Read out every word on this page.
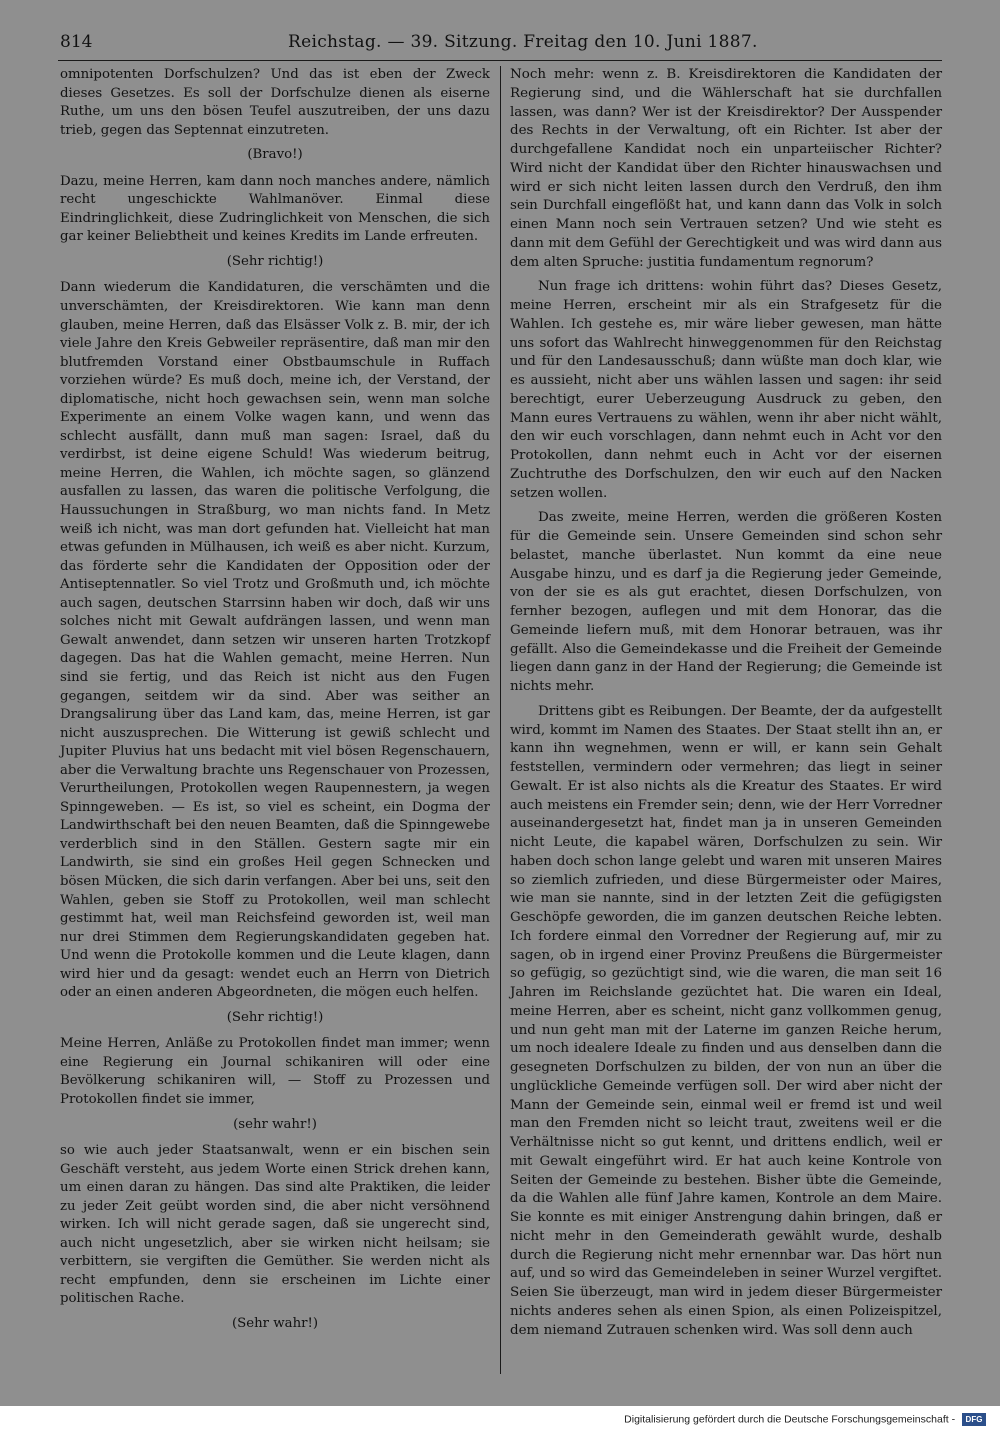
814	Reichstag. — 39. Sitzung. Freitag den 10. Juni 1887.

omnipotenten Dorfschulzen? Und das ist eben der Zweck dieses Gesetzes. Es soll der Dorfschulze dienen als eiserne Ruthe, um uns den bösen Teufel auszutreiben, der uns dazu trieb, gegen das Septennat einzutreten.

(Bravo!)

Dazu, meine Herren, kam dann noch manches andere, nämlich recht ungeschickte Wahlmanöver. Einmal diese Eindringlichkeit, diese Zudringlichkeit von Menschen, die sich gar keiner Beliebtheit und keines Kredits im Lande erfreuten.

(Sehr richtig!)

Dann wiederum die Kandidaturen, die verschämten und die unverschämten, der Kreisdirektoren. Wie kann man denn glauben, meine Herren, daß das Elsässer Volk z. B. mir, der ich viele Jahre den Kreis Gebweiler repräsentire, daß man mir den blutfremden Vorstand einer Obstbaumschule in Ruffach vorziehen würde? Es muß doch, meine ich, der Verstand, der diplomatische, nicht hoch gewachsen sein, wenn man solche Experimente an einem Volke wagen kann, und wenn das schlecht ausfällt, dann muß man sagen: Israel, daß du verdirbst, ist deine eigene Schuld! Was wiederum beitrug, meine Herren, die Wahlen, ich möchte sagen, so glänzend ausfallen zu lassen, das waren die politische Verfolgung, die Haussuchungen in Straßburg, wo man nichts fand. In Metz weiß ich nicht, was man dort gefunden hat. Vielleicht hat man etwas gefunden in Mülhausen, ich weiß es aber nicht. Kurzum, das förderte sehr die Kandidaten der Opposition oder der Antiseptennatler. So viel Trotz und Großmuth und, ich möchte auch sagen, deutschen Starrsinn haben wir doch, daß wir uns solches nicht mit Gewalt aufdrängen lassen, und wenn man Gewalt anwendet, dann setzen wir unseren harten Trotzkopf dagegen. Das hat die Wahlen gemacht, meine Herren. Nun sind sie fertig, und das Reich ist nicht aus den Fugen gegangen, seitdem wir da sind. Aber was seither an Drangsalirung über das Land kam, das, meine Herren, ist gar nicht auszusprechen. Die Witterung ist gewiß schlecht und Jupiter Pluvius hat uns bedacht mit viel bösen Regenschauern, aber die Verwaltung brachte uns Regenschauer von Prozessen, Verurtheilungen, Protokollen wegen Raupennestern, ja wegen Spinngeweben. — Es ist, so viel es scheint, ein Dogma der Landwirthschaft bei den neuen Beamten, daß die Spinngewebe verderblich sind in den Ställen. Gestern sagte mir ein Landwirth, sie sind ein großes Heil gegen Schnecken und bösen Mücken, die sich darin verfangen. Aber bei uns, seit den Wahlen, geben sie Stoff zu Protokollen, weil man schlecht gestimmt hat, weil man Reichsfeind geworden ist, weil man nur drei Stimmen dem Regierungskandidaten gegeben hat. Und wenn die Protokolle kommen und die Leute klagen, dann wird hier und da gesagt: wendet euch an Herrn von Dietrich oder an einen anderen Abgeordneten, die mögen euch helfen.

(Sehr richtig!)

Meine Herren, Anläße zu Protokollen findet man immer; wenn eine Regierung ein Journal schikaniren will oder eine Bevölkerung schikaniren will, — Stoff zu Prozessen und Protokollen findet sie immer,

(sehr wahr!)

so wie auch jeder Staatsanwalt, wenn er ein bischen sein Geschäft versteht, aus jedem Worte einen Strick drehen kann, um einen daran zu hängen. Das sind alte Praktiken, die leider zu jeder Zeit geübt worden sind, die aber nicht versöhnend wirken. Ich will nicht gerade sagen, daß sie ungerecht sind, auch nicht ungesetzlich, aber sie wirken nicht heilsam; sie verbittern, sie vergiften die Gemüther. Sie werden nicht als recht empfunden, denn sie erscheinen im Lichte einer politischen Rache.

(Sehr wahr!)

Noch mehr: wenn z. B. Kreisdirektoren die Kandidaten der Regierung sind, und die Wählerschaft hat sie durchfallen lassen, was dann? Wer ist der Kreisdirektor? Der Ausspender des Rechts in der Verwaltung, oft ein Richter. Ist aber der durchgefallene Kandidat noch ein unparteiischer Richter? Wird nicht der Kandidat über den Richter hinauswachsen und wird er sich nicht leiten lassen durch den Verdruß, den ihm sein Durchfall eingeflößt hat, und kann dann das Volk in solch einen Mann noch sein Vertrauen setzen? Und wie steht es dann mit dem Gefühl der Gerechtigkeit und was wird dann aus dem alten Spruche: justitia fundamentum regnorum?

Nun frage ich drittens: wohin führt das? Dieses Gesetz, meine Herren, erscheint mir als ein Strafgesetz für die Wahlen. Ich gestehe es, mir wäre lieber gewesen, man hätte uns sofort das Wahlrecht hinweggenommen für den Reichstag und für den Landesausschuß; dann wüßte man doch klar, wie es aussieht, nicht aber uns wählen lassen und sagen: ihr seid berechtigt, eurer Ueberzeugung Ausdruck zu geben, den Mann eures Vertrauens zu wählen, wenn ihr aber nicht wählt, den wir euch vorschlagen, dann nehmt euch in Acht vor den Protokollen, dann nehmt euch in Acht vor der eisernen Zuchtruthe des Dorfschulzen, den wir euch auf den Nacken setzen wollen.

Das zweite, meine Herren, werden die größeren Kosten für die Gemeinde sein. Unsere Gemeinden sind schon sehr belastet, manche überlastet. Nun kommt da eine neue Ausgabe hinzu, und es darf ja die Regierung jeder Gemeinde, von der sie es als gut erachtet, diesen Dorfschulzen, von fernher bezogen, auflegen und mit dem Honorar, das die Gemeinde liefern muß, mit dem Honorar betrauen, was ihr gefällt. Also die Gemeindekasse und die Freiheit der Gemeinde liegen dann ganz in der Hand der Regierung; die Gemeinde ist nichts mehr.

Drittens gibt es Reibungen. Der Beamte, der da aufgestellt wird, kommt im Namen des Staates. Der Staat stellt ihn an, er kann ihn wegnehmen, wenn er will, er kann sein Gehalt feststellen, vermindern oder vermehren; das liegt in seiner Gewalt. Er ist also nichts als die Kreatur des Staates. Er wird auch meistens ein Fremder sein; denn, wie der Herr Vorredner auseinandergesetzt hat, findet man ja in unseren Gemeinden nicht Leute, die kapabel wären, Dorfschulzen zu sein. Wir haben doch schon lange gelebt und waren mit unseren Maires so ziemlich zufrieden, und diese Bürgermeister oder Maires, wie man sie nannte, sind in der letzten Zeit die gefügigsten Geschöpfe geworden, die im ganzen deutschen Reiche lebten. Ich fordere einmal den Vorredner der Regierung auf, mir zu sagen, ob in irgend einer Provinz Preußens die Bürgermeister so gefügig, so gezüchtigt sind, wie die waren, die man seit 16 Jahren im Reichslande gezüchtet hat. Die waren ein Ideal, meine Herren, aber es scheint, nicht ganz vollkommen genug, und nun geht man mit der Laterne im ganzen Reiche herum, um noch idealere Ideale zu finden und aus denselben dann die gesegneten Dorfschulzen zu bilden, der von nun an über die unglückliche Gemeinde verfügen soll. Der wird aber nicht der Mann der Gemeinde sein, einmal weil er fremd ist und weil man den Fremden nicht so leicht traut, zweitens weil er die Verhältnisse nicht so gut kennt, und drittens endlich, weil er mit Gewalt eingeführt wird. Er hat auch keine Kontrole von Seiten der Gemeinde zu bestehen. Bisher übte die Gemeinde, da die Wahlen alle fünf Jahre kamen, Kontrole an dem Maire. Sie konnte es mit einiger Anstrengung dahin bringen, daß er nicht mehr in den Gemeinderath gewählt wurde, deshalb durch die Regierung nicht mehr ernennbar war. Das hört nun auf, und so wird das Gemeindeleben in seiner Wurzel vergiftet. Seien Sie überzeugt, man wird in jedem dieser Bürgermeister nichts anderes sehen als einen Spion, als einen Polizeispitzel, dem niemand Zutrauen schenken wird. Was soll denn auch

Digitalisierung gefördert durch die Deutsche Forschungsgemeinschaft - DFG
